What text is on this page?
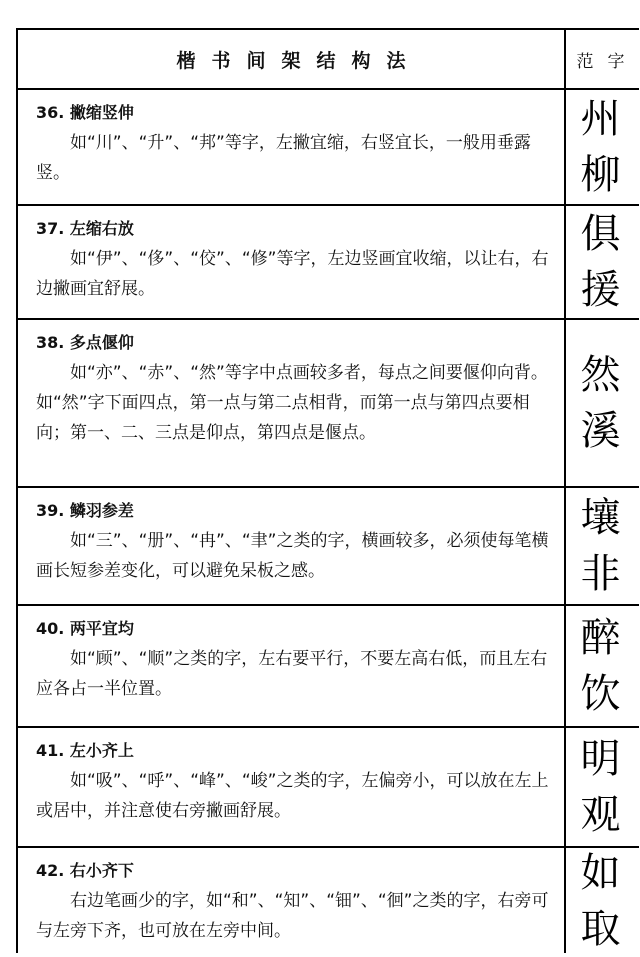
楷书间架结构法	范字
36. 撇缩竖伸

如“川”、“升”、“邦”等字，左撇宜缩，右竖宜长，一般用垂露竖。

州
柳
37. 左缩右放

如“伊”、“侈”、“佼”、“修”等字，左边竖画宜收缩，以让右，右边撇画宜舒展。

俱
援
38. 多点偃仰

如“亦”、“赤”、“然”等字中点画较多者，每点之间要偃仰向背。如“然”字下面四点，第一点与第二点相背，而第一点与第四点要相向；第一、二、三点是仰点，第四点是偃点。

然
溪
39. 鳞羽参差

如“三”、“册”、“冉”、“聿”之类的字，横画较多，必须使每笔横画长短参差变化，可以避免呆板之感。

壤
非
40. 两平宜均

如“顾”、“顺”之类的字，左右要平行，不要左高右低，而且左右应各占一半位置。

醉
饮
41. 左小齐上

如“吸”、“呼”、“峰”、“峻”之类的字，左偏旁小，可以放在左上或居中，并注意使右旁撇画舒展。

明
观
42. 右小齐下

右边笔画少的字，如“和”、“知”、“钿”、“徊”之类的字，右旁可与左旁下齐，也可放在左旁中间。

如
取
